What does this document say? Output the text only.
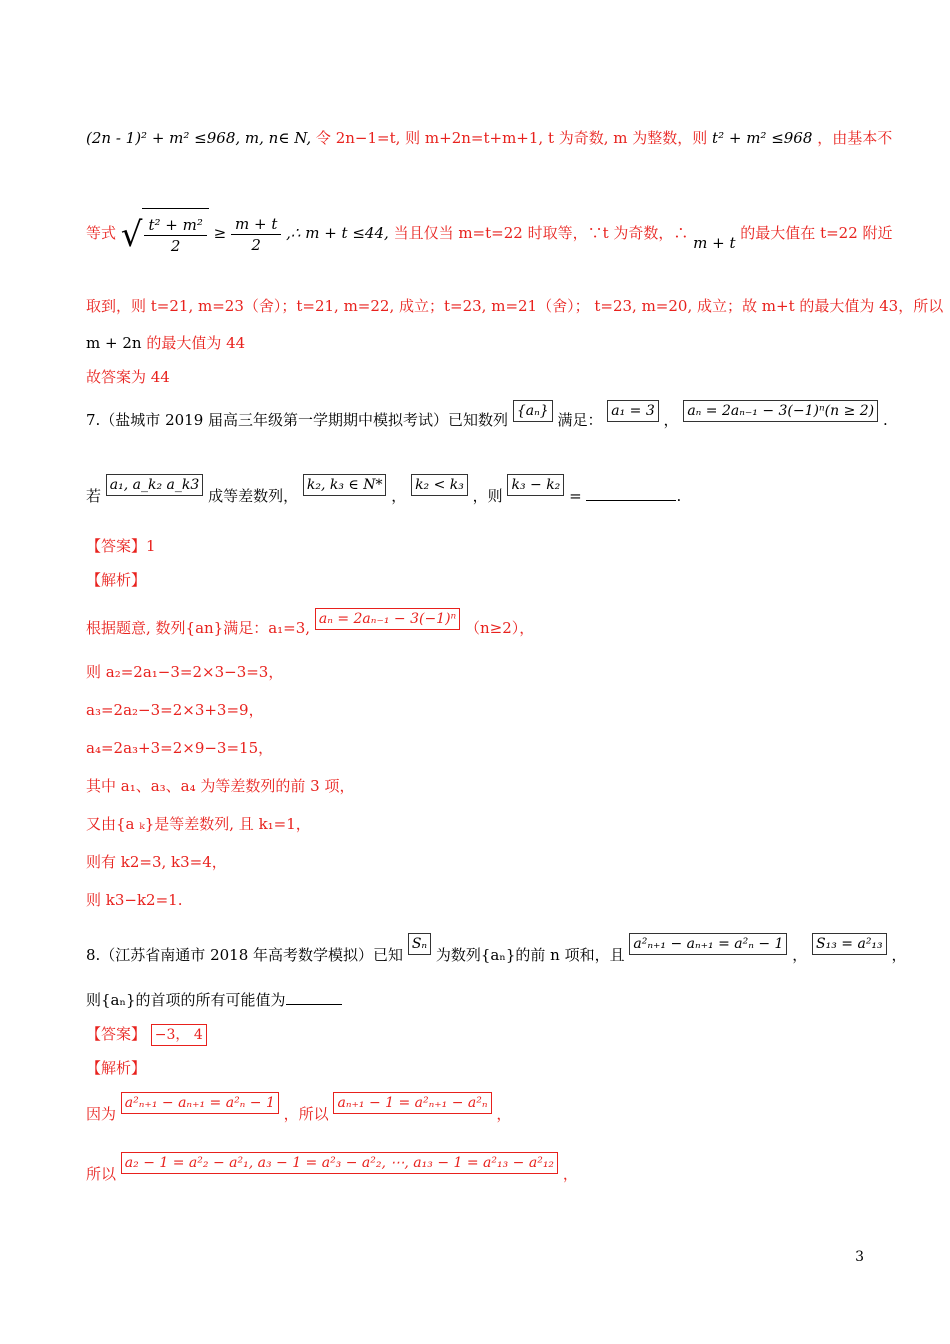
(2n - 1)² + m² ≤968, m, n∈ N, 令 2n−1=t, 则 m+2n=t+m+1, t 为奇数, m 为整数，则 t² + m² ≤968 ，由基本不
等式 √ $\frac{\text{t² + m²}}{2} \ge \frac{m + t}{2}$ ,∴ m + t ≤44, 当且仅当 m=t=22 时取等，∵t 为奇数，∴ m + t 的最大值在 t=22 附近
取到，则 t=21, m=23（舍）；t=21, m=22, 成立；t=23, m=21（舍）； t=23, m=20, 成立；故 m+t 的最大值为 43，所以
m + 2n 的最大值为 44
故答案为 44
7.（盐城市 2019 届高三年级第一学期期中模拟考试）已知数列 {aₙ} 满足： a₁ = 3 ， aₙ = 2aₙ₋₁ − 3(−1)ⁿ(n ≥ 2) .
若 a₁, a_k₂ a_k3 成等差数列， k₂, k₃ ∈ N* ， k₂ < k₃ ，则 k₃ − k₂ =	.
【答案】1
【解析】
根据题意, 数列{an}满足：a₁=3, aₙ = 2aₙ₋₁ − 3(−1)ⁿ （n≥2），
则 a₂=2a₁−3=2×3−3=3，
a₃=2a₂−3=2×3+3=9，
a₄=2a₃+3=2×9−3=15，
其中 a₁、a₃、a₄ 为等差数列的前 3 项，
又由{a ₖ}是等差数列, 且 k₁=1，
则有 k2=3, k3=4，
则 k3−k2=1.
8.（江苏省南通市 2018 年高考数学模拟）已知 Sₙ 为数列{aₙ}的前 n 项和，且 a²ₙ₊₁ − aₙ₊₁ = a²ₙ − 1 ， S₁₃ = a²₁₃ ，
则{aₙ}的首项的所有可能值为
【答案】 −3， 4
【解析】
因为 a²ₙ₊₁ − aₙ₊₁ = a²ₙ − 1 ，所以 aₙ₊₁ − 1 = a²ₙ₊₁ − a²ₙ ，
所以 a₂ − 1 = a²₂ − a²₁, a₃ − 1 = a²₃ − a²₂, ⋯, a₁₃ − 1 = a²₁₃ − a²₁₂ ，
3
